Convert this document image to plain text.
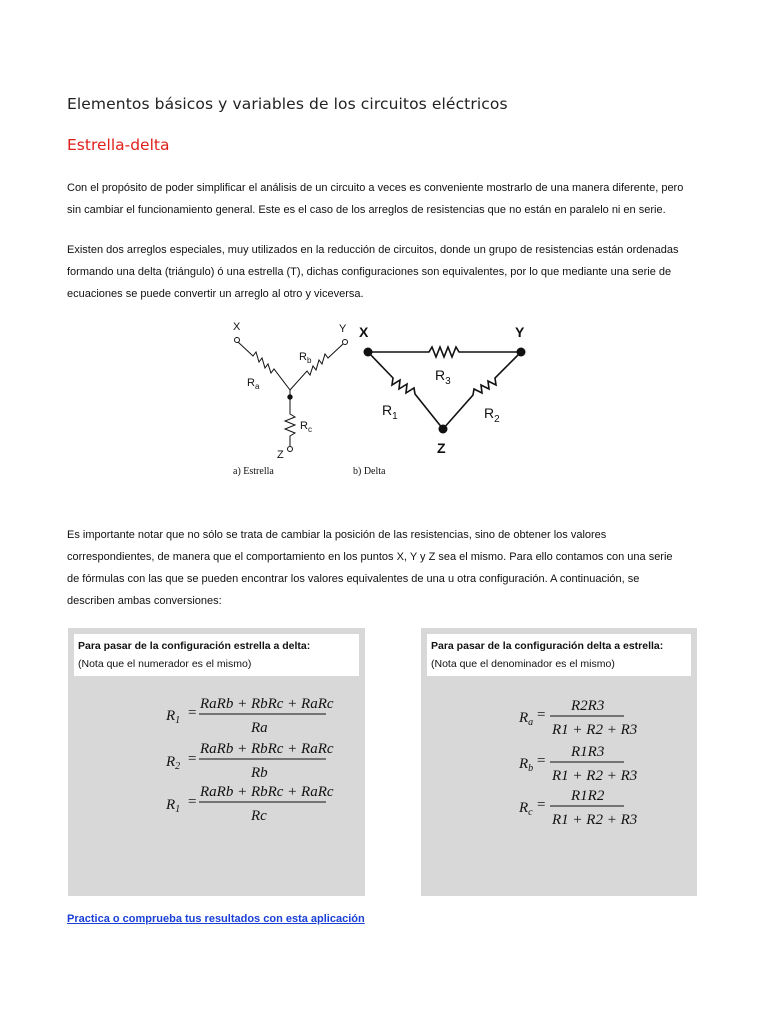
Elementos básicos y variables de los circuitos eléctricos
Estrella-delta
Con el propósito de poder simplificar el análisis de un circuito a veces es conveniente mostrarlo de una manera diferente, pero
sin cambiar el funcionamiento general. Este es el caso de los arreglos de resistencias que no están en paralelo ni en serie.
Existen dos arreglos especiales, muy utilizados en la reducción de circuitos, donde un grupo de resistencias están ordenadas
formando una delta (triángulo) ó una estrella (T), dichas configuraciones son equivalentes, por lo que mediante una serie de
ecuaciones se puede convertir un arreglo al otro y viceversa.
X	Y
Z
$R_a$
$R_b$
$R_c$
X	Y
Z
$R_3$
$R_1$	$R_2$
a) Estrella	b) Delta
Es importante notar que no sólo se trata de cambiar la posición de las resistencias, sino de obtener los valores
correspondientes, de manera que el comportamiento en los puntos X, Y y Z sea el mismo. Para ello contamos con una serie
de fórmulas con las que se pueden encontrar los valores equivalentes de una u otra configuración. A continuación, se
describen ambas conversiones:
Para pasar de la configuración estrella a delta:
(Nota que el numerador es el mismo)
$R_1$ =
RaRb + RbRc + RaRc
Ra
$R_2$ =
RaRb + RbRc + RaRc
Rb
$R_1$ =
RaRb + RbRc + RaRc
Rc
Para pasar de la configuración delta a estrella:
(Nota que el denominador es el mismo)
$R_a$ =
R2R3
R1 + R2 + R3
$R_b$ =
R1R3
R1 + R2 + R3
$R_c$ =
R1R2
R1 + R2 + R3
Practica o comprueba tus resultados con esta aplicación
